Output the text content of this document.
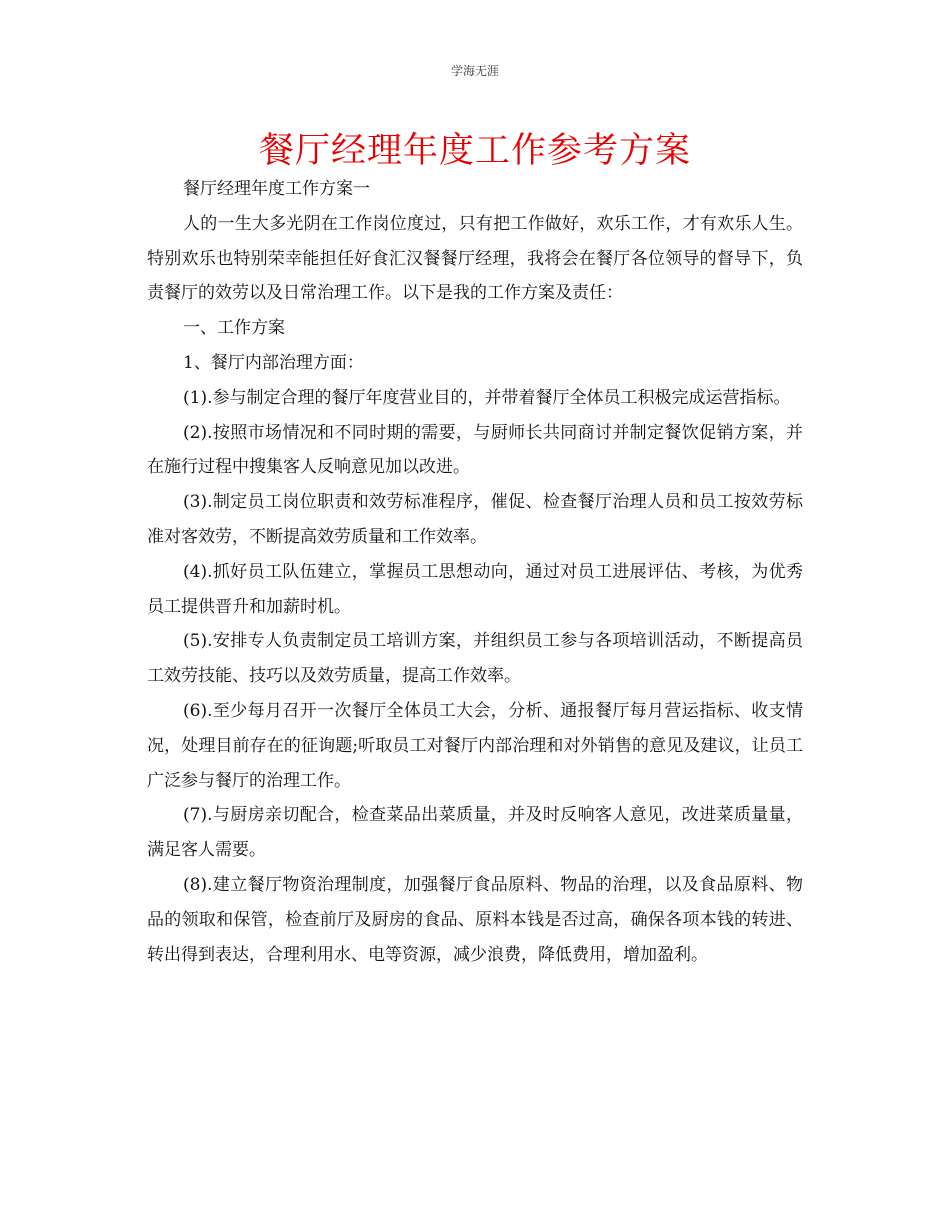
学海无涯
餐厅经理年度工作参考方案

餐厅经理年度工作方案一

人的一生大多光阴在工作岗位度过，只有把工作做好，欢乐工作，才有欢乐人生。特别欢乐也特别荣幸能担任好食汇汉餐餐厅经理，我将会在餐厅各位领导的督导下，负责餐厅的效劳以及日常治理工作。以下是我的工作方案及责任：

一、工作方案

1、餐厅内部治理方面：

(1).参与制定合理的餐厅年度营业目的，并带着餐厅全体员工积极完成运营指标。

(2).按照市场情况和不同时期的需要，与厨师长共同商讨并制定餐饮促销方案，并在施行过程中搜集客人反响意见加以改进。

(3).制定员工岗位职责和效劳标准程序，催促、检查餐厅治理人员和员工按效劳标准对客效劳，不断提高效劳质量和工作效率。

(4).抓好员工队伍建立，掌握员工思想动向，通过对员工进展评估、考核，为优秀员工提供晋升和加薪时机。

(5).安排专人负责制定员工培训方案，并组织员工参与各项培训活动，不断提高员工效劳技能、技巧以及效劳质量，提高工作效率。

(6).至少每月召开一次餐厅全体员工大会，分析、通报餐厅每月营运指标、收支情况，处理目前存在的征询题;听取员工对餐厅内部治理和对外销售的意见及建议，让员工广泛参与餐厅的治理工作。

(7).与厨房亲切配合，检查菜品出菜质量，并及时反响客人意见，改进菜质量量，满足客人需要。

(8).建立餐厅物资治理制度，加强餐厅食品原料、物品的治理，以及食品原料、物品的领取和保管，检查前厅及厨房的食品、原料本钱是否过高，确保各项本钱的转进、转出得到表达，合理利用水、电等资源，减少浪费，降低费用，增加盈利。
